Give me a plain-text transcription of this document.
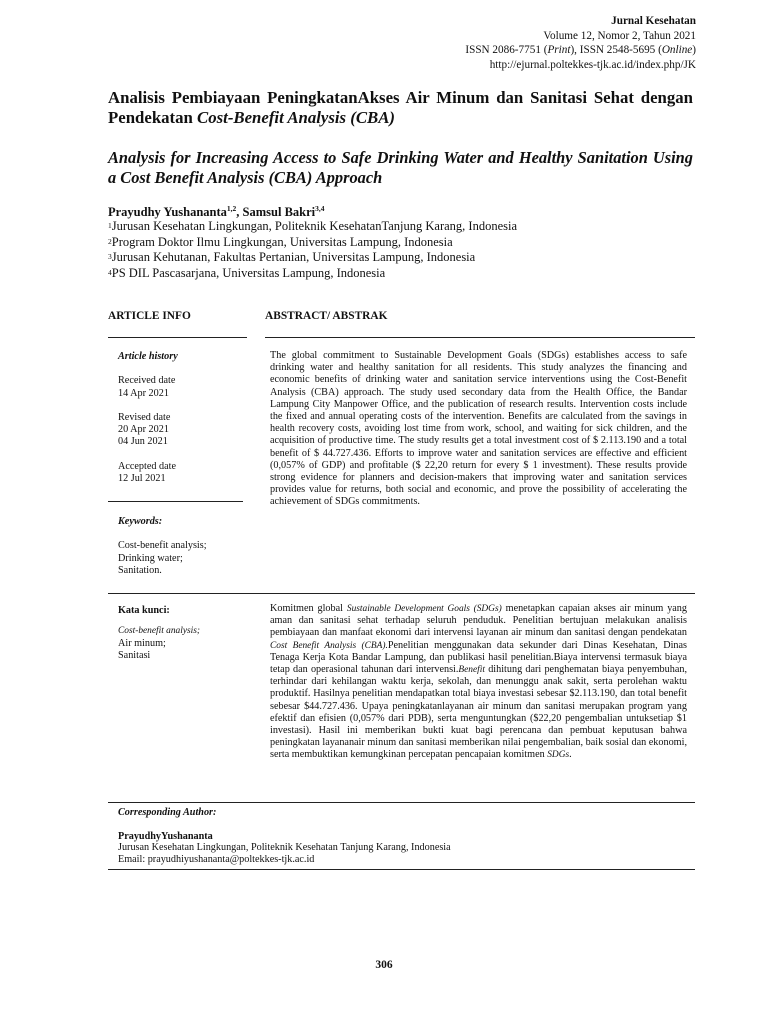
Jurnal Kesehatan
Volume 12, Nomor 2, Tahun 2021
ISSN 2086-7751 (Print), ISSN 2548-5695 (Online)
http://ejurnal.poltekkes-tjk.ac.id/index.php/JK
Analisis Pembiayaan PeningkatanAkses Air Minum dan Sanitasi Sehat dengan Pendekatan Cost-Benefit Analysis (CBA)
Analysis for Increasing Access to Safe Drinking Water and Healthy Sanitation Using a Cost Benefit Analysis (CBA) Approach
Prayudhy Yushananta$^{1,2}$, Samsul Bakri$^{3,4}$
$^1$Jurusan Kesehatan Lingkungan, Politeknik KesehatanTanjung Karang, Indonesia
$^2$Program Doktor Ilmu Lingkungan, Universitas Lampung, Indonesia
$^3$Jurusan Kehutanan, Fakultas Pertanian, Universitas Lampung, Indonesia
$^4$PS DIL Pascasarjana, Universitas Lampung, Indonesia
ARTICLE INFO	ABSTRACT/ ABSTRAK
Article history
Received date
14 Apr 2021
Revised date
20 Apr 2021
04 Jun 2021
Accepted date
12 Jul 2021
Keywords:
Cost-benefit analysis;
Drinking water;
Sanitation.
Kata kunci:
Cost-benefit analysis;
Air minum;
Sanitasi
The global commitment to Sustainable Development Goals (SDGs) establishes access to safe drinking water and healthy sanitation for all residents. This study analyzes the financing and economic benefits of drinking water and sanitation service interventions using the Cost-Benefit Analysis (CBA) approach. The study used secondary data from the Health Office, the Bandar Lampung City Manpower Office, and the publication of research results. Intervention costs include the fixed and annual operating costs of the intervention. Benefits are calculated from the savings in health recovery costs, avoiding lost time from work, school, and waiting for sick children, and the acquisition of productive time. The study results get a total investment cost of $ 2.113.190 and a total benefit of $ 44.727.436. Efforts to improve water and sanitation services are effective and efficient (0,057% of GDP) and profitable ($ 22,20 return for every $ 1 investment). These results provide strong evidence for planners and decision-makers that improving water and sanitation services provides value for returns, both social and economic, and prove the possibility of accelerating the achievement of SDGs commitments.
Komitmen global Sustainable Development Goals (SDGs) menetapkan capaian akses air minum yang aman dan sanitasi sehat terhadap seluruh penduduk. Penelitian bertujuan melakukan analisis pembiayaan dan manfaat ekonomi dari intervensi layanan air minum dan sanitasi dengan pendekatan Cost Benefit Analysis (CBA).Penelitian menggunakan data sekunder dari Dinas Kesehatan, Dinas Tenaga Kerja Kota Bandar Lampung, dan publikasi hasil penelitian.Biaya intervensi termasuk biaya tetap dan operasional tahunan dari intervensi.Benefit dihitung dari penghematan biaya penyembuhan, terhindar dari kehilangan waktu kerja, sekolah, dan menunggu anak sakit, serta perolehan waktu produktif. Hasilnya penelitian mendapatkan total biaya investasi sebesar $2.113.190, dan total benefit sebesar $44.727.436. Upaya peningkatanlayanan air minum dan sanitasi merupakan program yang efektif dan efisien (0,057% dari PDB), serta menguntungkan ($22,20 pengembalian untuksetiap $1 investasi). Hasil ini memberikan bukti kuat bagi perencana dan pembuat keputusan bahwa peningkatan layananair minum dan sanitasi memberikan nilai pengembalian, baik sosial dan ekonomi, serta membuktikan kemungkinan percepatan pencapaian komitmen SDGs.
Corresponding Author:
PrayudhyYushananta
Jurusan Kesehatan Lingkungan, Politeknik Kesehatan Tanjung Karang, Indonesia
Email: prayudhiyushananta@poltekkes-tjk.ac.id
306
